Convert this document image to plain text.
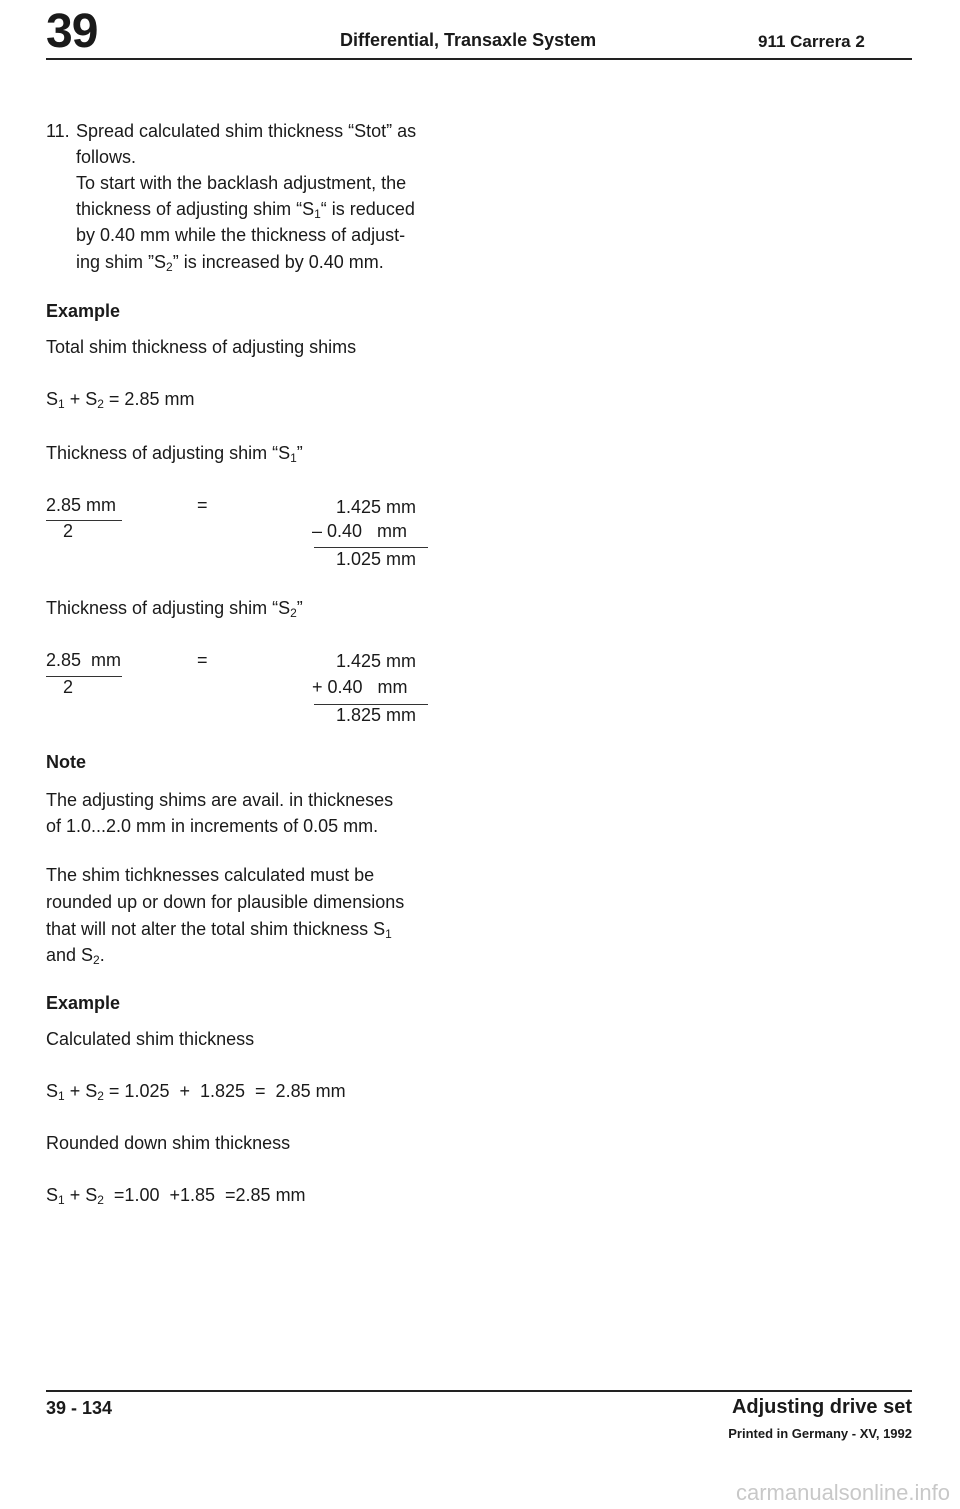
39	Differential, Transaxle System	911 Carrera 2
11. Spread calculated shim thickness “Stot” as
follows.
To start with the backlash adjustment, the
thickness of adjusting shim “$S_1“$ is reduced
by 0.40 mm while the thickness of adjust-
ing shim $”S_2$” is increased by 0.40 mm.
Example
Total shim thickness of adjusting shims
$S_1 + S_2 = 2.85$ mm
Thickness of adjusting shim “$S_1$”
2.85 mm
2
=	1.425 mm
– 0.40   mm
1.025 mm
Thickness of adjusting shim “$S_2$”
2.85  mm
2
=	1.425 mm
+ 0.40   mm
1.825 mm
Note
The adjusting shims are avail. in thickneses
of 1.0...2.0 mm in increments of 0.05 mm.
The shim tichknesses calculated must be
rounded up or down for plausible dimensions
that will not alter the total shim thickness $S_1$
and $S_2$.
Example
Calculated shim thickness
$S_1 + S_2 = 1.025 + 1.825 = 2.85$ mm
Rounded down shim thickness
$S_1 + S_2 =1.00 +1.85 =2.85$ mm
39 - 134	Adjusting drive set
Printed in Germany - XV, 1992
carmanualsonline.info
